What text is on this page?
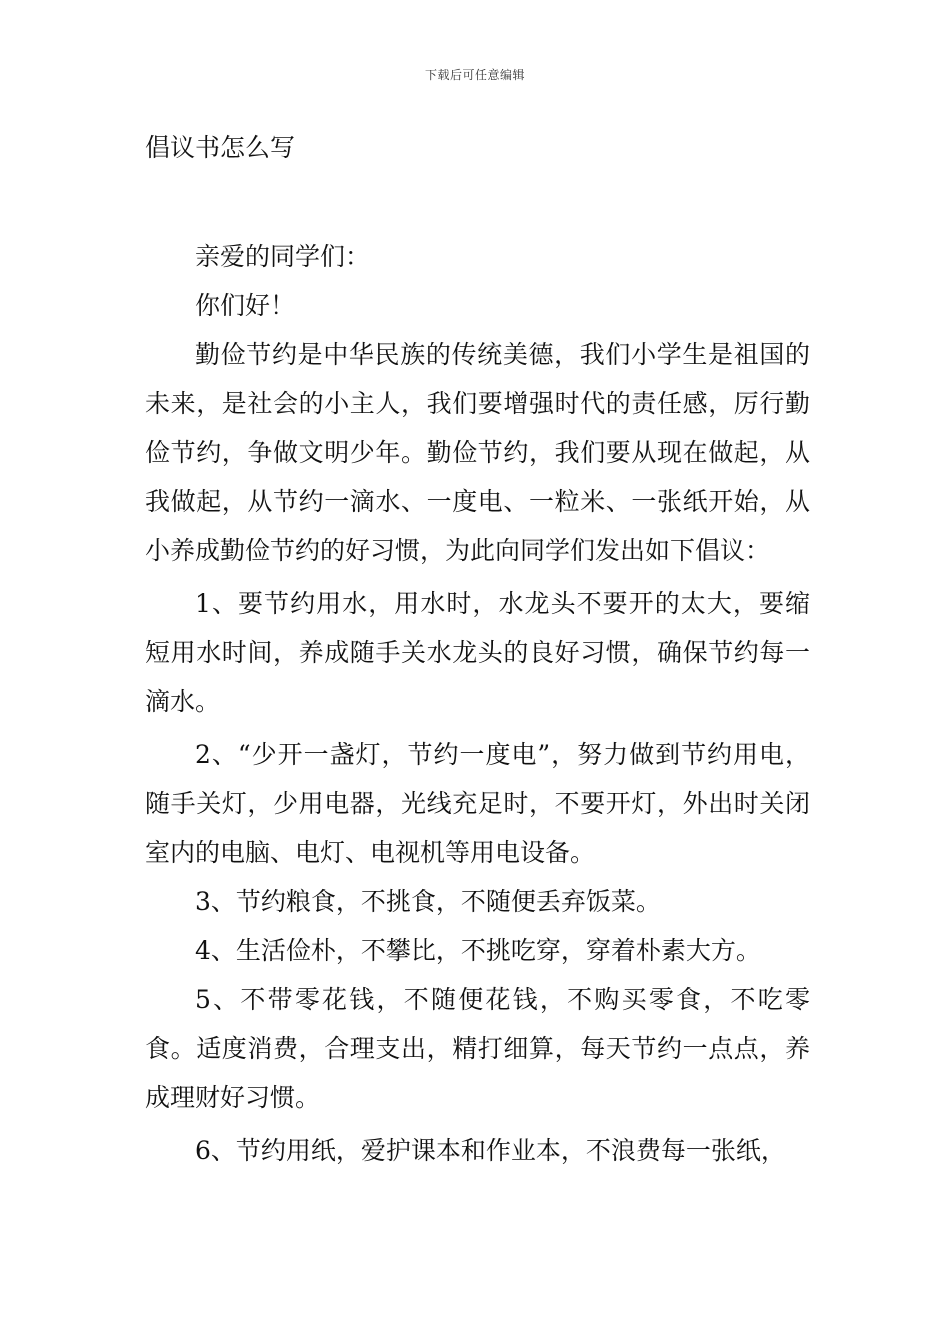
下载后可任意编辑
倡议书怎么写

亲爱的同学们：

你们好！

勤俭节约是中华民族的传统美德，我们小学生是祖国的未来，是社会的小主人，我们要增强时代的责任感，厉行勤俭节约，争做文明少年。勤俭节约，我们要从现在做起，从我做起，从节约一滴水、一度电、一粒米、一张纸开始，从小养成勤俭节约的好习惯，为此向同学们发出如下倡议：

1、要节约用水，用水时，水龙头不要开的太大，要缩短用水时间，养成随手关水龙头的良好习惯，确保节约每一滴水。

2、“少开一盏灯，节约一度电”，努力做到节约用电，随手关灯，少用电器，光线充足时，不要开灯，外出时关闭室内的电脑、电灯、电视机等用电设备。

3、节约粮食，不挑食，不随便丢弃饭菜。

4、生活俭朴，不攀比，不挑吃穿，穿着朴素大方。

5、不带零花钱，不随便花钱，不购买零食，不吃零食。适度消费，合理支出，精打细算，每天节约一点点，养成理财好习惯。

6、节约用纸，爱护课本和作业本，不浪费每一张纸，
